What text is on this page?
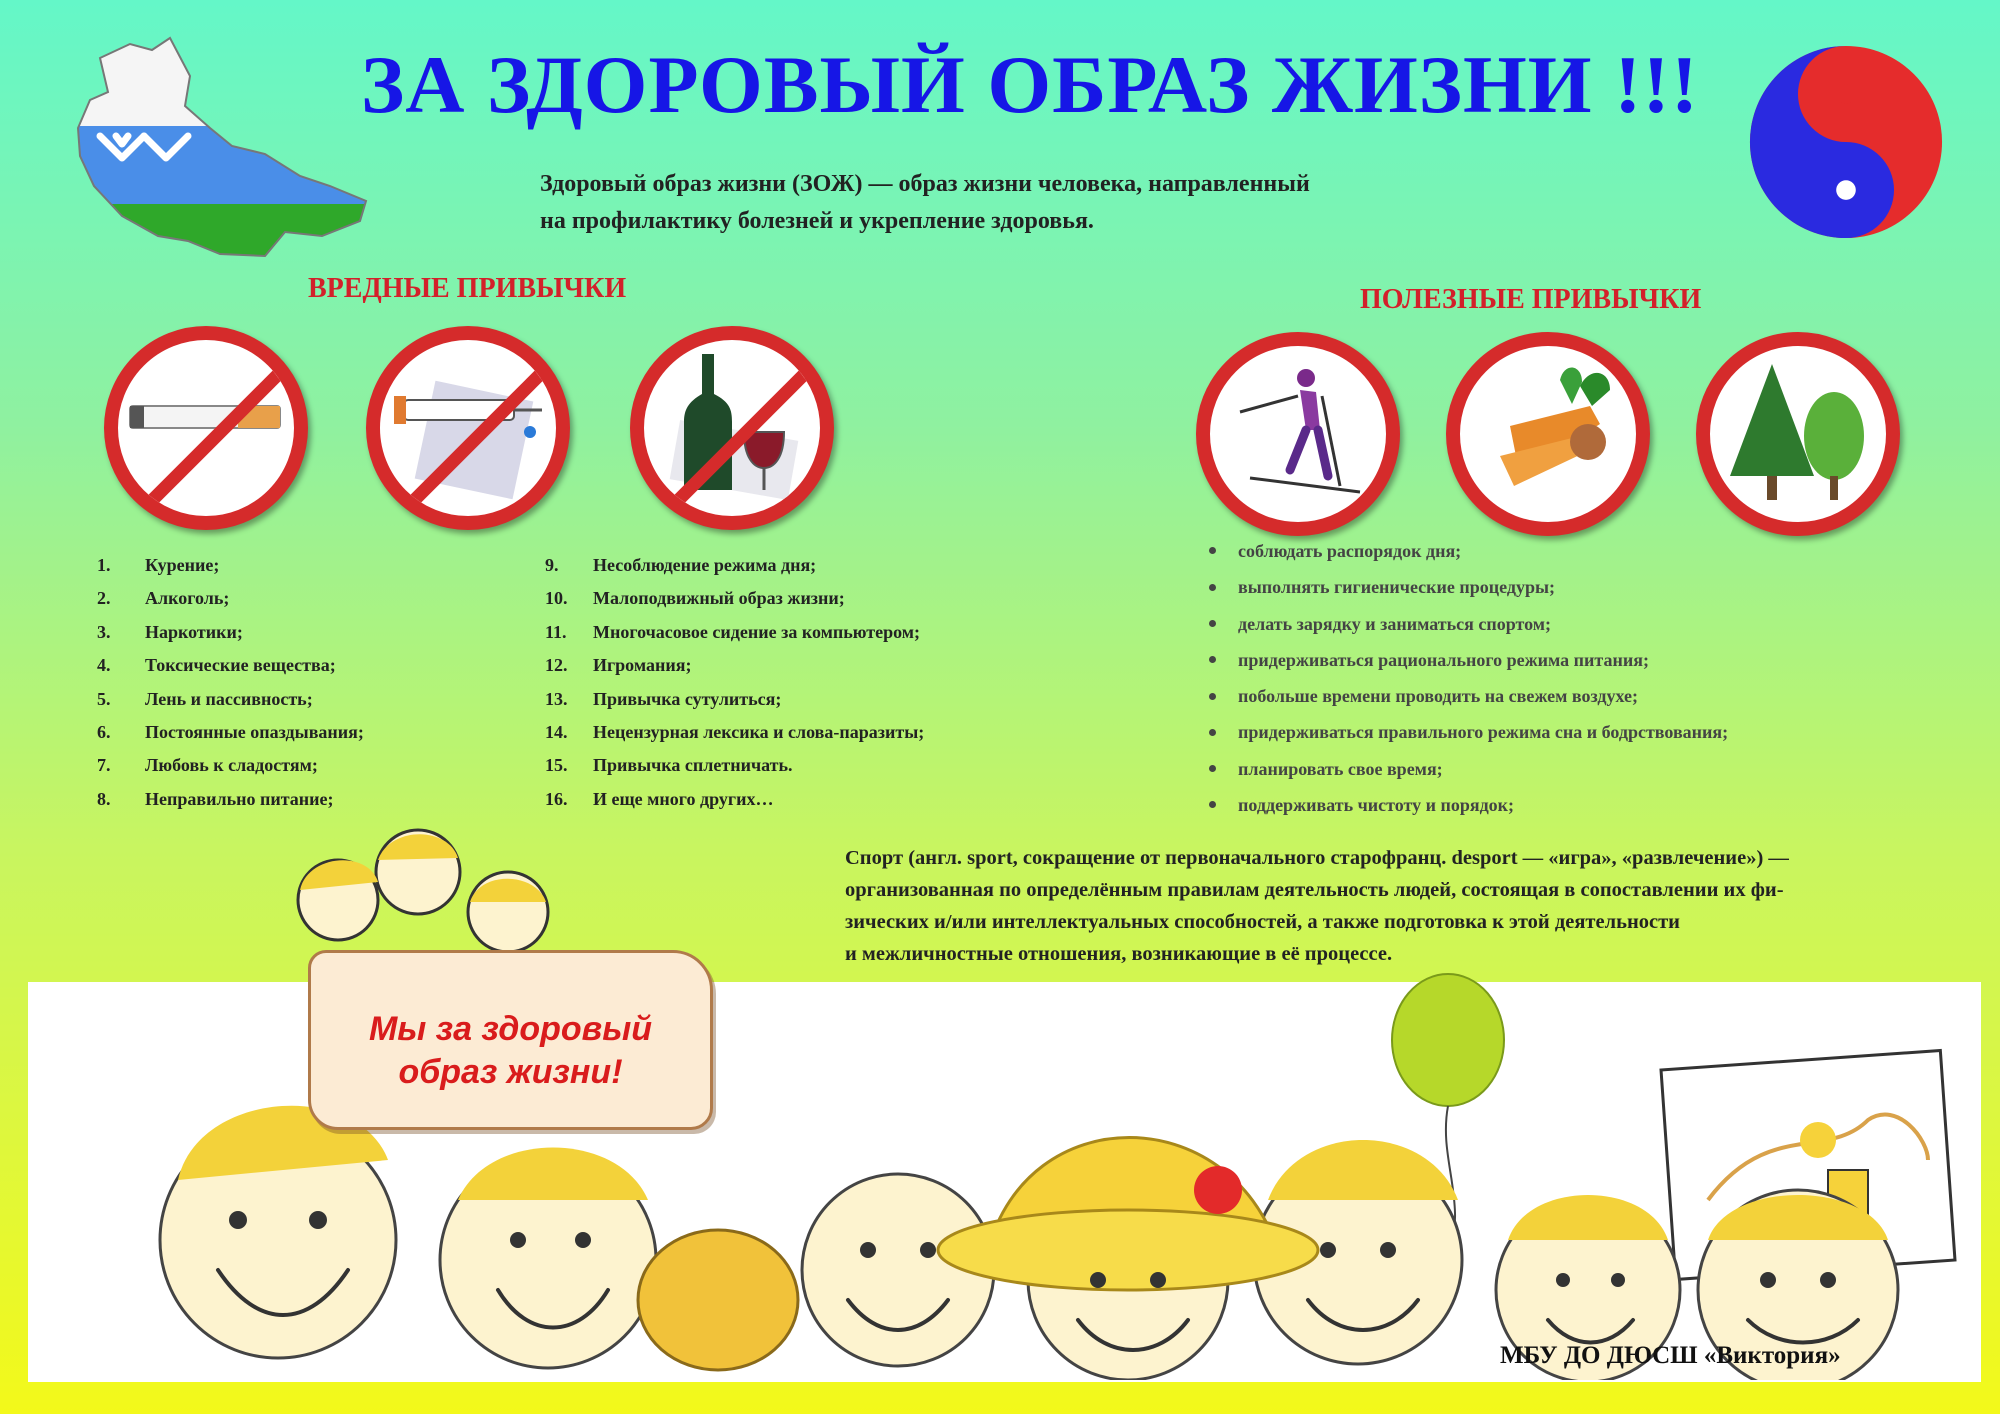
ЗА ЗДОРОВЫЙ ОБРАЗ ЖИЗНИ !!!
Здоровый образ жизни (ЗОЖ) — образ жизни человека, направленный
на профилактику болезней и укрепление здоровья.
ВРЕДНЫЕ ПРИВЫЧКИ	ПОЛЕЗНЫЕ ПРИВЫЧКИ
1. Курение;
2. Алкоголь;
3. Наркотики;
4. Токсические вещества;
5. Лень и пассивность;
6. Постоянные опаздывания;
7. Любовь к сладостям;
8. Неправильно питание;
9. Несоблюдение режима дня;
10. Малоподвижный образ жизни;
11. Многочасовое сидение за компьютером;
12. Игромания;
13. Привычка сутулиться;
14. Нецензурная лексика и слова-паразиты;
15. Привычка сплетничать.
16. И еще много других…
соблюдать распорядок дня;
выполнять гигиенические процедуры;
делать зарядку и заниматься спортом;
придерживаться рационального режима питания;
побольше времени проводить на свежем воздухе;
придерживаться правильного режима сна и бодрствования;
планировать свое время;
поддерживать чистоту и порядок;
Спорт (англ. sport, сокращение от первоначального старофранц. desport — «игра», «развлечение») —
организованная по определённым правилам деятельность людей, состоящая в сопоставлении их фи-
зических и/или интеллектуальных способностей, а также подготовка к этой деятельности
и межличностные отношения, возникающие в её процессе.
Мы за здоровый
образ жизни!
МБУ ДО ДЮСШ «Виктория»
